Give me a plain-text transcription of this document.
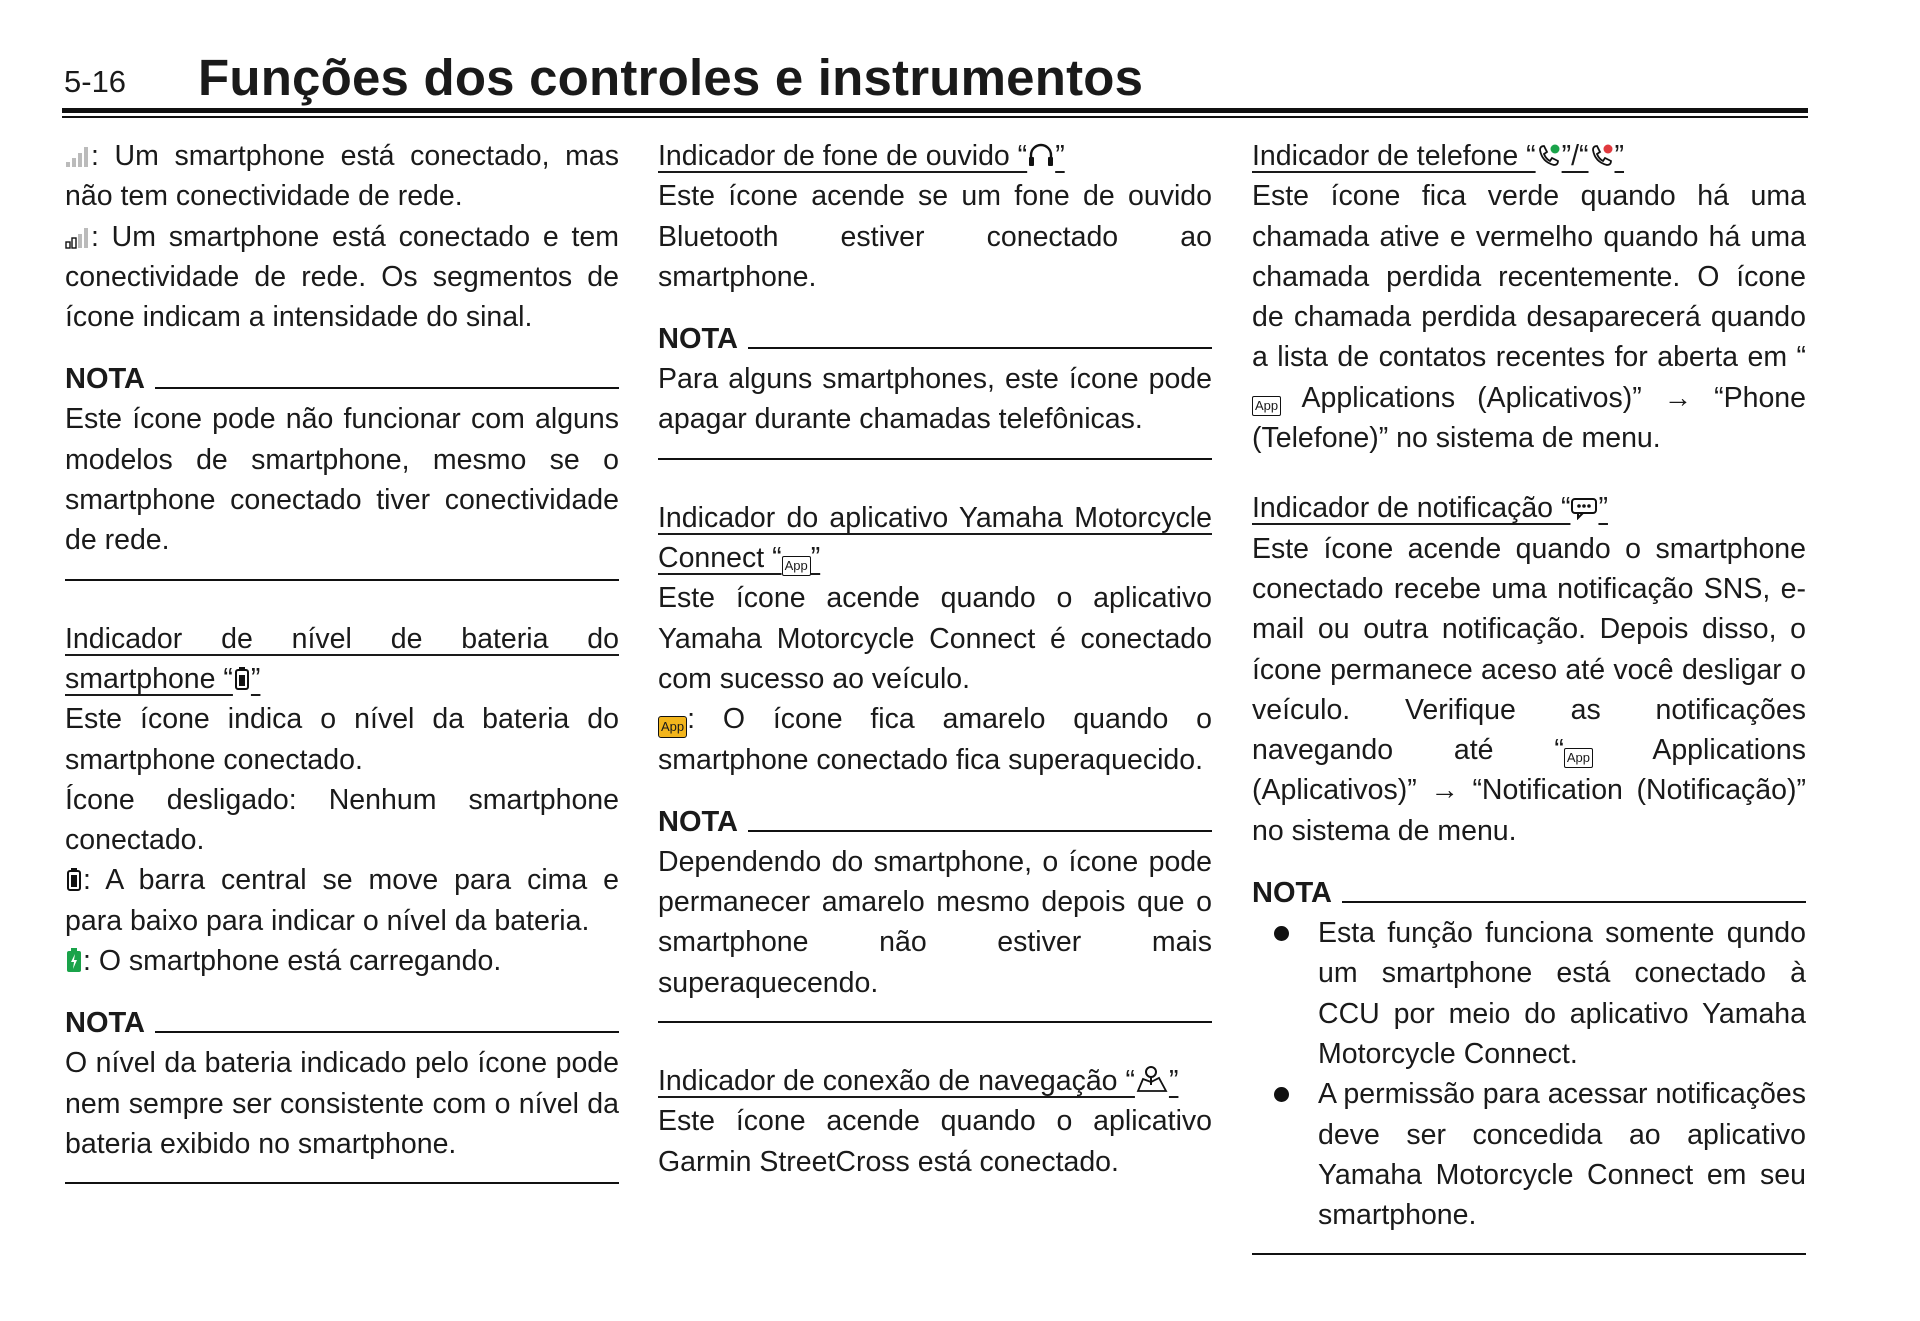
5-16 Funções dos controles e instrumentos

: Um smartphone está conectado, mas não tem conectividade de rede.

: Um smartphone está conectado e tem conectividade de rede. Os segmentos de ícone indicam a intensidade do sinal.

NOTA

Este ícone pode não funcionar com alguns modelos de smartphone, mesmo se o smartphone conectado tiver conectividade de rede.

Indicador de nível de bateria do smartphone “ ”

Este ícone indica o nível da bateria do smartphone conectado.

Ícone desligado: Nenhum smartphone conectado.

: A barra central se move para cima e para baixo para indicar o nível da bateria.

: O smartphone está carregando.

NOTA

O nível da bateria indicado pelo ícone pode nem sempre ser consistente com o nível da bateria exibido no smartphone.

Indicador de fone de ouvido “ ”

Este ícone acende se um fone de ouvido Bluetooth estiver conectado ao smartphone.

NOTA

Para alguns smartphones, este ícone pode apagar durante chamadas telefônicas.

Indicador do aplicativo Yamaha Motorcycle Connect “ App ”

Este ícone acende quando o aplicativo Yamaha Motorcycle Connect é conectado com sucesso ao veículo.

App : O ícone fica amarelo quando o smartphone conectado fica superaquecido.

NOTA

Dependendo do smartphone, o ícone pode permanecer amarelo mesmo depois que o smartphone não estiver mais superaquecendo.

Indicador de conexão de navegação “ ”

Este ícone acende quando o aplicativo Garmin StreetCross está conectado.

Indicador de telefone “ ”/“ ”

Este ícone fica verde quando há uma chamada ative e vermelho quando há uma chamada perdida recentemente. O ícone de chamada perdida desaparecerá quando a lista de contatos recentes for aberta em “App Applications (Aplicativos)” → “Phone (Telefone)” no sistema de menu.

Indicador de notificação “ ”

Este ícone acende quando o smartphone conectado recebe uma notificação SNS, e-mail ou outra notificação. Depois disso, o ícone permanece aceso até você desligar o veículo. Verifique as notificações navegando até “ App Applications (Aplicativos)” → “Notification (Notificação)” no sistema de menu.

NOTA
Esta função funciona somente qundo um smartphone está conectado à CCU por meio do aplicativo Yamaha Motorcycle Connect.
A permissão para acessar notificações deve ser concedida ao aplicativo Yamaha Motorcycle Connect em seu smartphone.
